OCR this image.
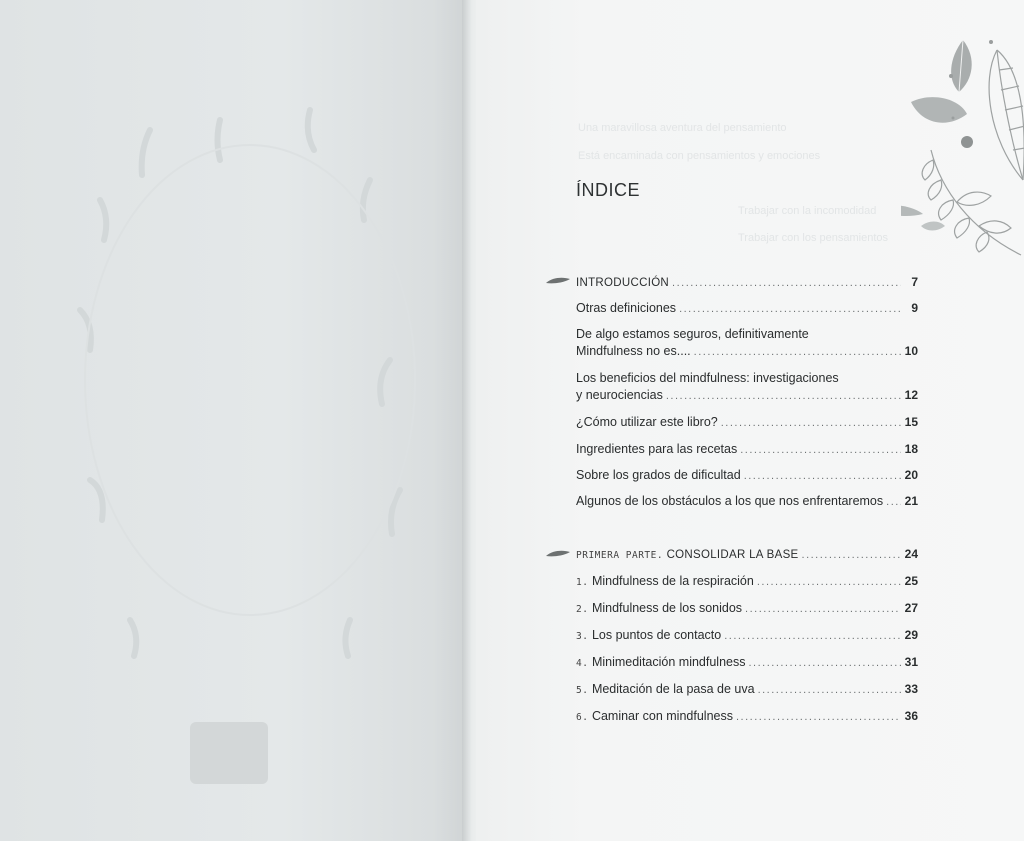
Una maravillosa aventura del pensamiento
Está encaminada con pensamientos y emociones
Trabajar con la incomodidad
Trabajar con los pensamientos
ÍNDICE
INTRODUCCIÓN .....	7
Otras definiciones .....	9
De algo estamos seguros, definitivamente
Mindfulness no es.... .....	10
Los beneficios del mindfulness: investigaciones
y neurociencias .....	12
¿Cómo utilizar este libro? .....	15
Ingredientes para las recetas .....	18
Sobre los grados de dificultad .....	20
Algunos de los obstáculos a los que nos enfrentaremos ..... 21
PRIMERA PARTE.
CONSOLIDAR LA BASE .....	24
1.
Mindfulness de la respiración .....	25
2.
Mindfulness de los sonidos .....	27
3.
Los puntos de contacto .....	29
4.
Minimeditación mindfulness .....	31
5.
Meditación de la pasa de uva .....	33
6.
Caminar con mindfulness .....	36
